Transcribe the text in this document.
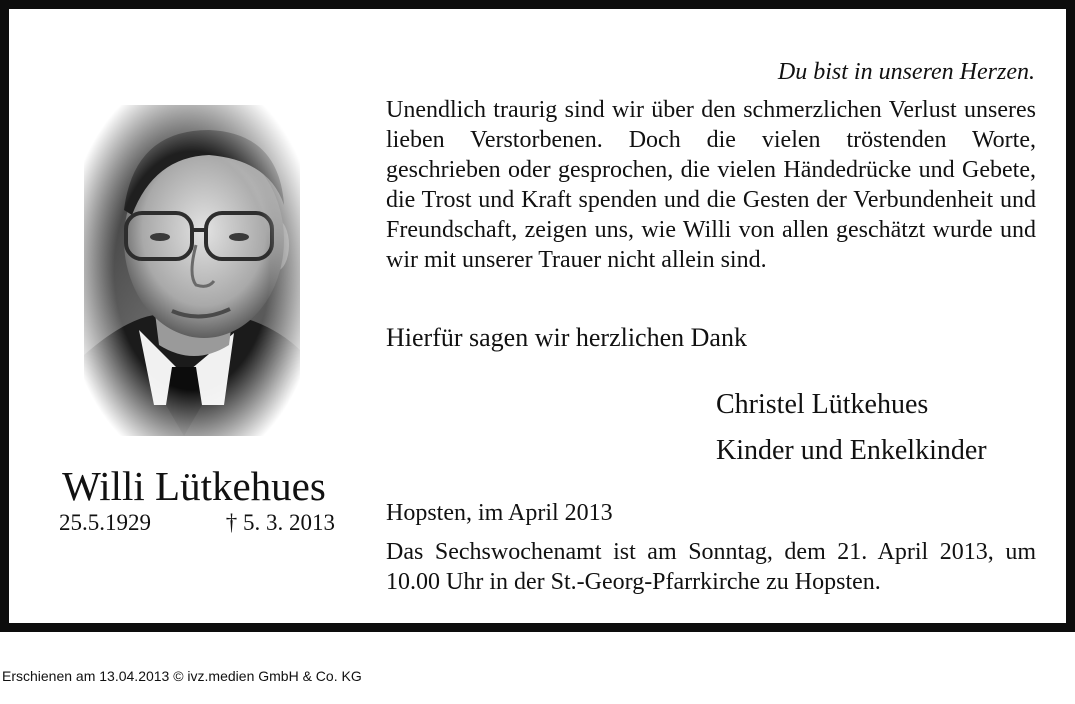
Willi Lütkehues
25.5.1929	† 5. 3. 2013
Du bist in unseren Herzen.

Unendlich traurig sind wir über den schmerzlichen Verlust unseres lieben Verstorbenen. Doch die vielen tröstenden Worte, geschrieben oder gesprochen, die vielen Händedrücke und Gebete, die Trost und Kraft spenden und die Gesten der Verbundenheit und Freundschaft, zeigen uns, wie Willi von allen geschätzt wurde und wir mit unserer Trauer nicht allein sind.

Hierfür sagen wir herzlichen Dank

Christel Lütkehues

Kinder und Enkelkinder

Hopsten, im April 2013

Das Sechswochenamt ist am Sonntag, dem 21. April 2013, um 10.00 Uhr in der St.-Georg-Pfarrkirche zu Hopsten.

Erschienen am 13.04.2013 © ivz.medien GmbH & Co. KG
